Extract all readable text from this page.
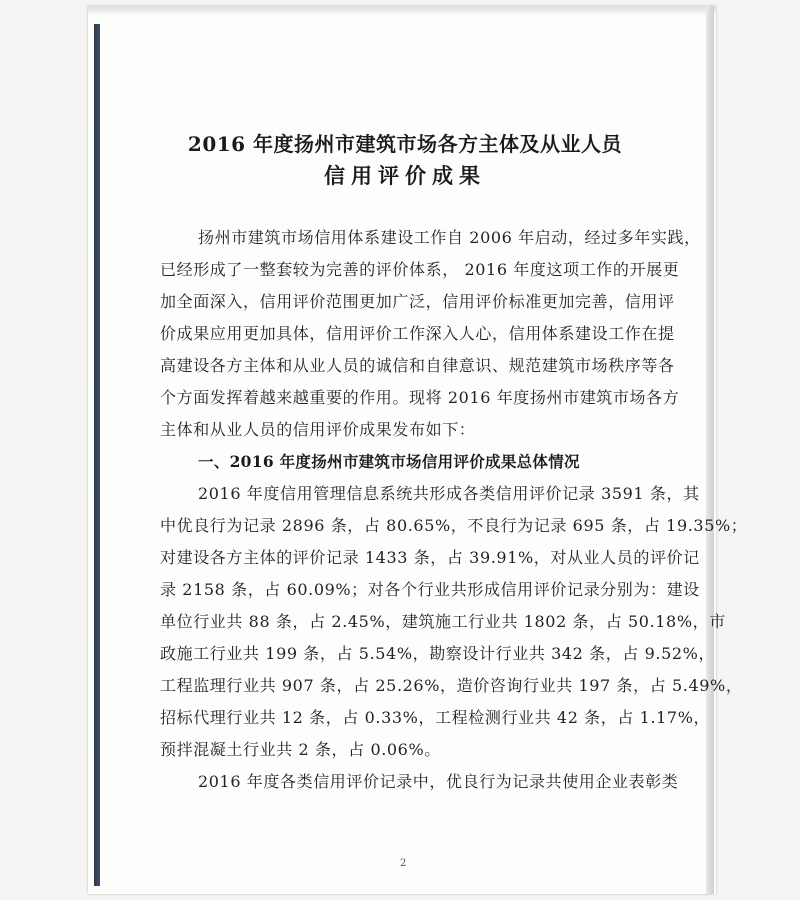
2016 年度扬州市建筑市场各方主体及从业人员
信用评价成果
扬州市建筑市场信用体系建设工作自 2006 年启动，经过多年实践，
已经形成了一整套较为完善的评价体系， 2016 年度这项工作的开展更
加全面深入，信用评价范围更加广泛，信用评价标准更加完善，信用评
价成果应用更加具体，信用评价工作深入人心，信用体系建设工作在提
高建设各方主体和从业人员的诚信和自律意识、规范建筑市场秩序等各
个方面发挥着越来越重要的作用。现将 2016 年度扬州市建筑市场各方
主体和从业人员的信用评价成果发布如下：
一、2016 年度扬州市建筑市场信用评价成果总体情况
2016 年度信用管理信息系统共形成各类信用评价记录 3591 条，其
中优良行为记录 2896 条，占 80.65%，不良行为记录 695 条，占 19.35%；
对建设各方主体的评价记录 1433 条，占 39.91%，对从业人员的评价记
录 2158 条，占 60.09%；对各个行业共形成信用评价记录分别为：建设
单位行业共 88 条，占 2.45%，建筑施工行业共 1802 条，占 50.18%，市
政施工行业共 199 条，占 5.54%，勘察设计行业共 342 条，占 9.52%，
工程监理行业共 907 条，占 25.26%，造价咨询行业共 197 条，占 5.49%，
招标代理行业共 12 条，占 0.33%，工程检测行业共 42 条，占 1.17%，
预拌混凝土行业共 2 条，占 0.06%。
2016 年度各类信用评价记录中，优良行为记录共使用企业表彰类
2
